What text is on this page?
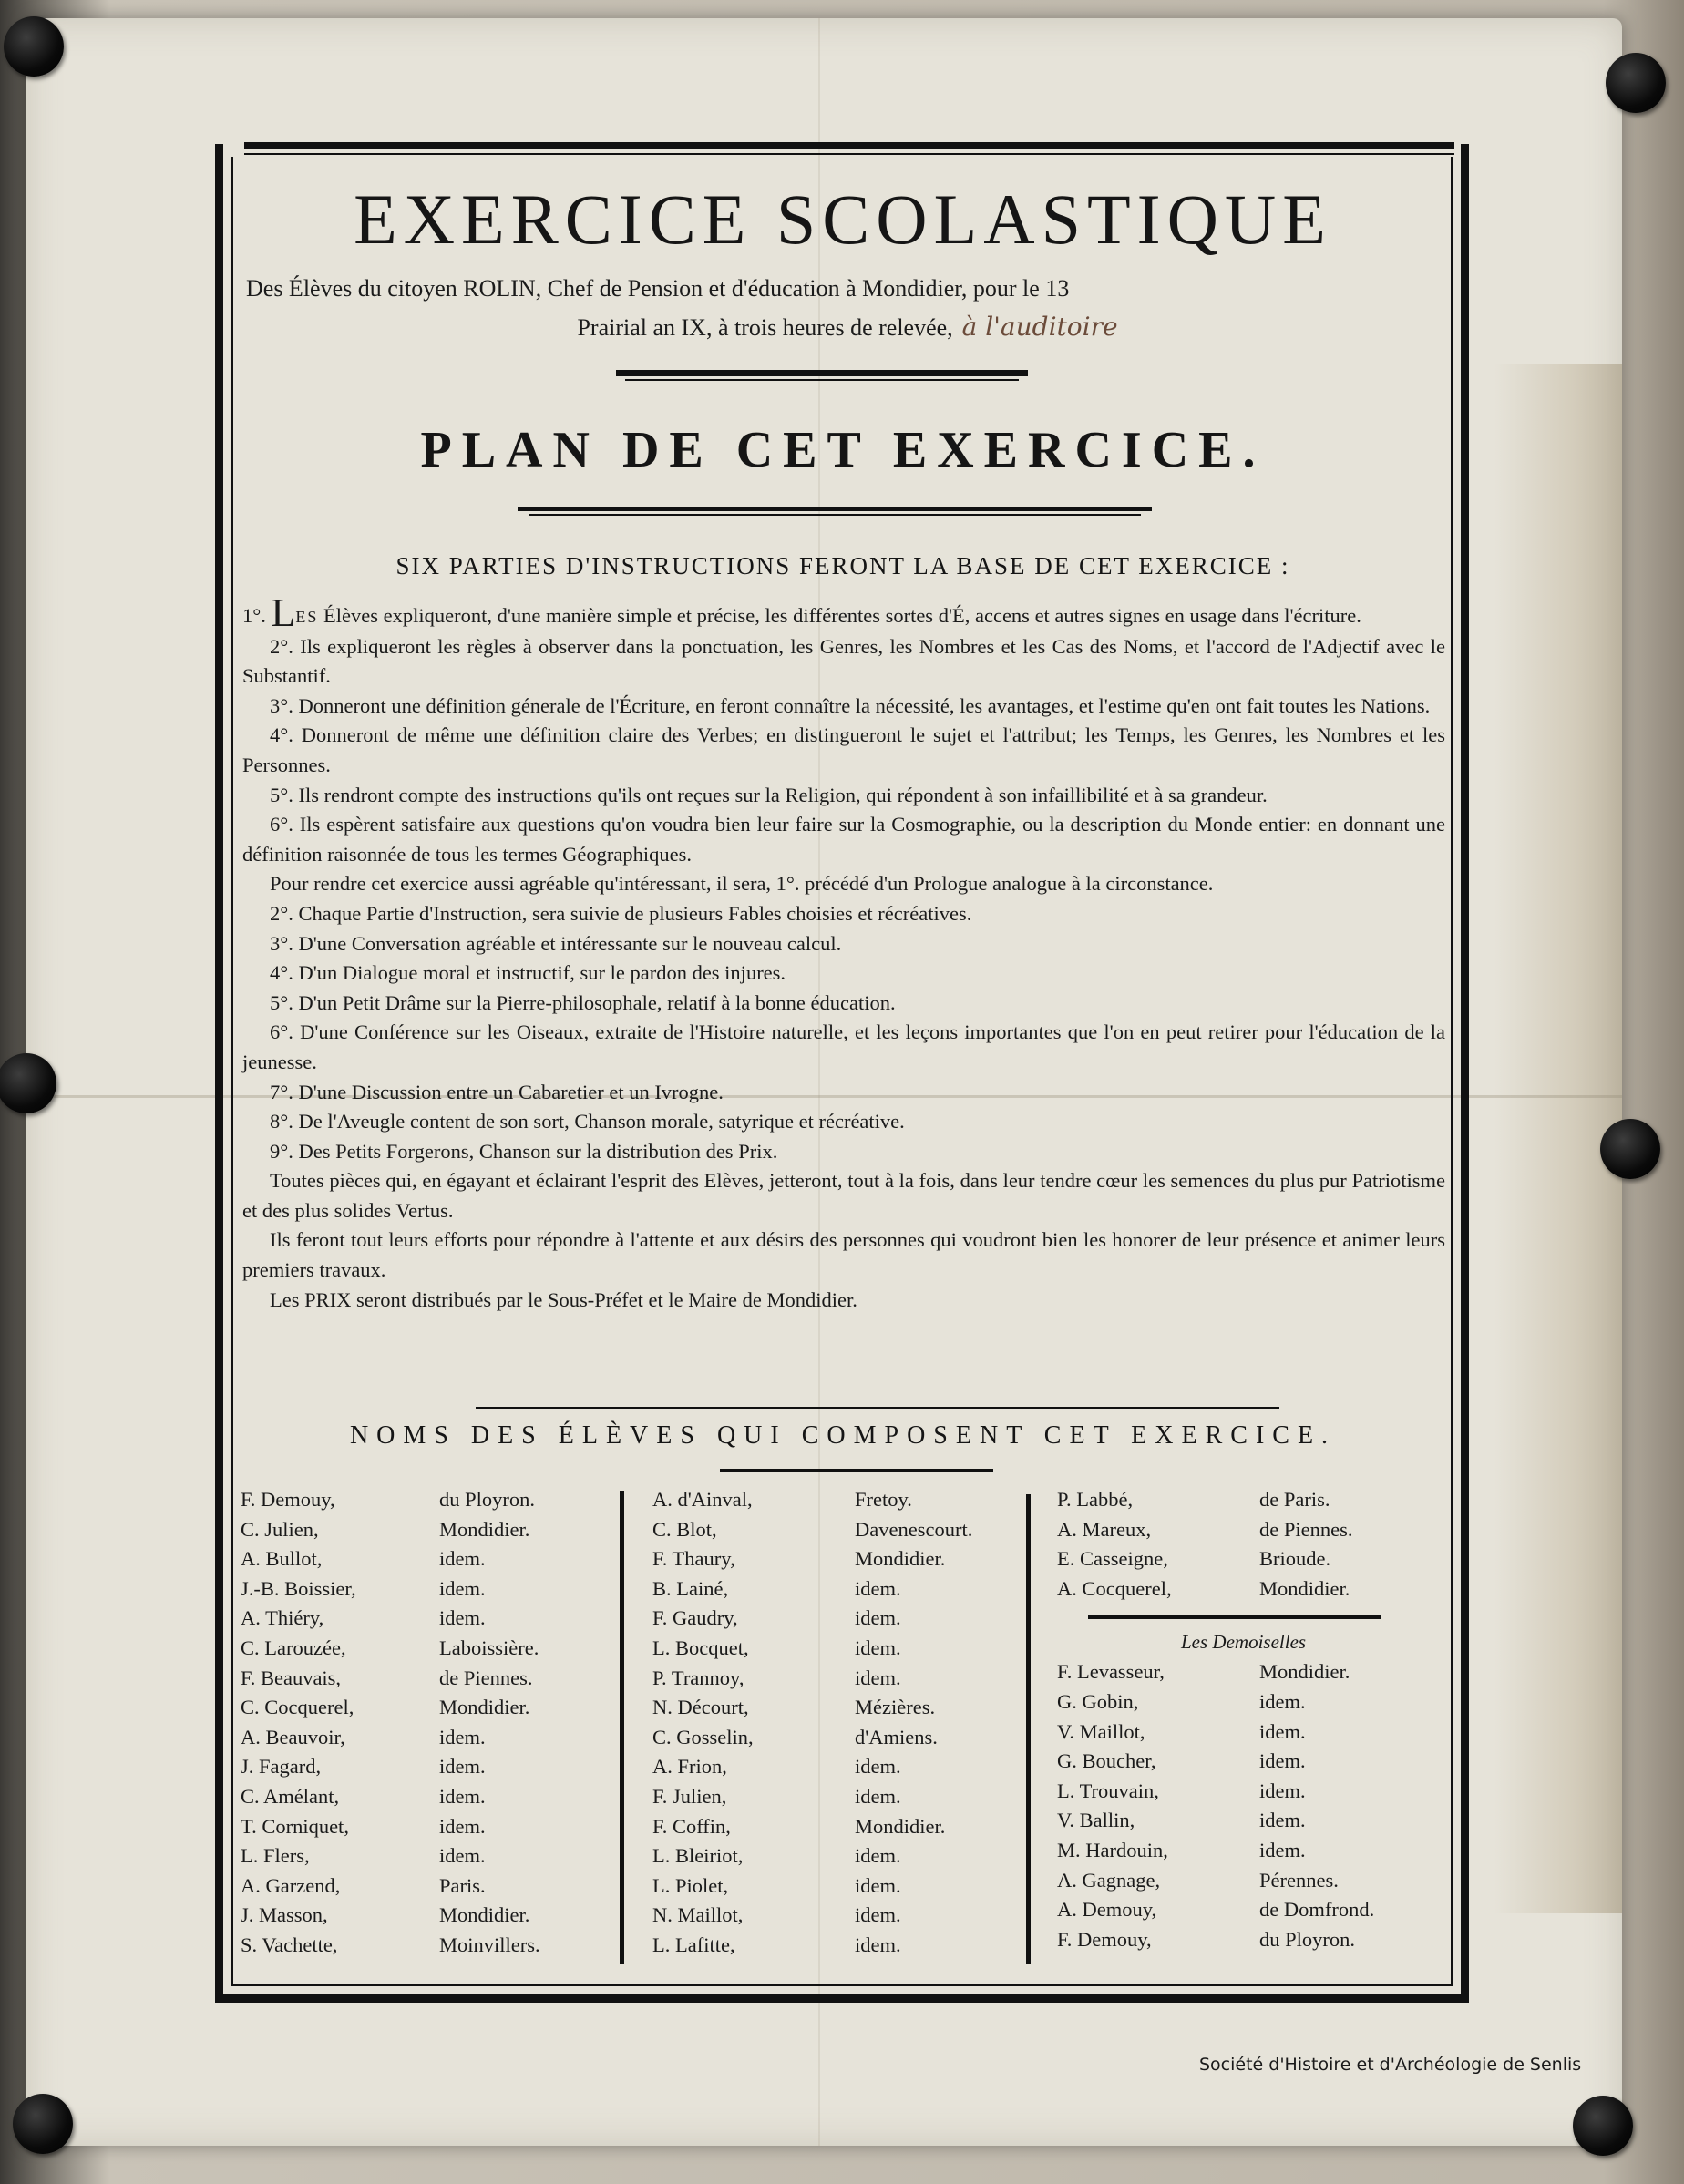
EXERCICE SCOLASTIQUE
Des Élèves du citoyen ROLIN, Chef de Pension et d'éducation à Mondidier, pour le 13
Prairial an IX, à trois heures de relevée, à l'auditoire
PLAN DE CET EXERCICE.
SIX PARTIES D'INSTRUCTIONS FERONT LA BASE DE CET EXERCICE :

1°. LES Élèves expliqueront, d'une manière simple et précise, les différentes sortes d'É, accens et autres signes en usage dans l'écriture.

2°. Ils expliqueront les règles à observer dans la ponctuation, les Genres, les Nombres et les Cas des Noms, et l'accord de l'Adjectif avec le Substantif.

3°. Donneront une définition génerale de l'Écriture, en feront connaître la nécessité, les avantages, et l'estime qu'en ont fait toutes les Nations.

4°. Donneront de même une définition claire des Verbes; en distingueront le sujet et l'attribut; les Temps, les Genres, les Nombres et les Personnes.

5°. Ils rendront compte des instructions qu'ils ont reçues sur la Religion, qui répondent à son infaillibilité et à sa grandeur.

6°. Ils espèrent satisfaire aux questions qu'on voudra bien leur faire sur la Cosmographie, ou la description du Monde entier: en donnant une définition raisonnée de tous les termes Géographiques.

Pour rendre cet exercice aussi agréable qu'intéressant, il sera, 1°. précédé d'un Prologue analogue à la circonstance.

2°. Chaque Partie d'Instruction, sera suivie de plusieurs Fables choisies et récréatives.

3°. D'une Conversation agréable et intéressante sur le nouveau calcul.

4°. D'un Dialogue moral et instructif, sur le pardon des injures.

5°. D'un Petit Drâme sur la Pierre-philosophale, relatif à la bonne éducation.

6°. D'une Conférence sur les Oiseaux, extraite de l'Histoire naturelle, et les leçons importantes que l'on en peut retirer pour l'éducation de la jeunesse.

7°. D'une Discussion entre un Cabaretier et un Ivrogne.

8°. De l'Aveugle content de son sort, Chanson morale, satyrique et récréative.

9°. Des Petits Forgerons, Chanson sur la distribution des Prix.

Toutes pièces qui, en égayant et éclairant l'esprit des Elèves, jetteront, tout à la fois, dans leur tendre cœur les semences du plus pur Patriotisme et des plus solides Vertus.

Ils feront tout leurs efforts pour répondre à l'attente et aux désirs des personnes qui voudront bien les honorer de leur présence et animer leurs premiers travaux.

Les PRIX seront distribués par le Sous-Préfet et le Maire de Mondidier.

NOMS DES ÉLÈVES QUI COMPOSENT CET EXERCICE.
F. Demouy,	du Ployron.
C. Julien,	Mondidier.
A. Bullot,	idem.
J.-B. Boissier,	idem.
A. Thiéry,	idem.
C. Larouzée,	Laboissière.
F. Beauvais,	de Piennes.
C. Cocquerel,	Mondidier.
A. Beauvoir,	idem.
J. Fagard,	idem.
C. Amélant,	idem.
T. Corniquet,	idem.
L. Flers,	idem.
A. Garzend,	Paris.
J. Masson,	Mondidier.
S. Vachette,	Moinvillers.
A. d'Ainval,	Fretoy.
C. Blot,	Davenescourt.
F. Thaury,	Mondidier.
B. Lainé,	idem.
F. Gaudry,	idem.
L. Bocquet,	idem.
P. Trannoy,	idem.
N. Décourt,	Mézières.
C. Gosselin,	d'Amiens.
A. Frion,	idem.
F. Julien,	idem.
F. Coffin,	Mondidier.
L. Bleiriot,	idem.
L. Piolet,	idem.
N. Maillot,	idem.
L. Lafitte,	idem.
P. Labbé,	de Paris.
A. Mareux,	de Piennes.
E. Casseigne,	Brioude.
A. Cocquerel,	Mondidier.
Les Demoiselles
F. Levasseur,	Mondidier.
G. Gobin,	idem.
V. Maillot,	idem.
G. Boucher,	idem.
L. Trouvain,	idem.
V. Ballin,	idem.
M. Hardouin,	idem.
A. Gagnage,	Pérennes.
A. Demouy,	de Domfrond.
F. Demouy,	du Ployron.
Société d'Histoire et d'Archéologie de Senlis
